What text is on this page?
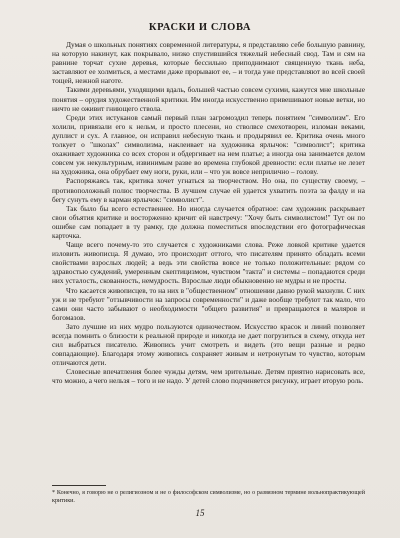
КРАСКИ И СЛОВА

Думая о школьных понятиях современной литературы, я представляю себе большую равнину, на которую накинут, как покрывало, низко спустившийся тяжелый небесный свод. Там и сям на равнине торчат сухие деревья, которые бессильно приподнимают священную ткань неба, заставляют ее холмиться, а местами даже прорывают ее, – и тогда уже представляют во всей своей тощей, нежной наготе.

Такими деревьями, уходящими вдаль, большей частью совсем сухими, кажутся мне школьные понятия – орудия художественной критики. Им иногда искусственно привешивают новые ветки, но ничто не оживит гниющего ствола.

Среди этих истуканов самый первый план загромоздил теперь понятием "символизм". Его холили, привязали его к нельм, и просто плесени, но стволвсе смехотворен, изломан веками, дуплист и сух. А главное, он исправил небесную ткань и продырявил ее. Критика очень много толкует о "школах" символизма, наклеивает на художника ярлычок: "символист"; критика охаживает художника со всех сторон и обдергивает на нем платье; а иногда она занимается делом совсем уж некультурным, извинимым разве во времена глубокой древности: если платье не лезет на художника, она обрубает ему ноги, руки, или – что уж вовсе неприлично – голову.

Распоряжаясь так, критика хочет угнаться за творчеством. Но она, по существу своему, – противоположный полюс творчества. В лучшем случае ей удается ухватить поэта за фалду и на бегу сунуть ему в карман ярлычок: "символист".

Так было бы всего естественнее. Но иногда случается обратное: сам художник раскрывает свои объятия критике и восторженно кричит ей навстречу: "Хочу быть символистом!" Тут он по ошибке сам попадает в ту рамку, где должна поместиться впоследствии его фотографическая карточка.

Чаще всего почему-то это случается с художниками слова. Реже ловкой критике удается изловить живописца. Я думаю, это происходит оттого, что писателям принято обладать всеми свойствами взрослых людей; а ведь эти свойства вовсе не только положительные: рядом со здравостью суждений, умеренным скептицизмом, чувством "такта" и системы – попадаются среди них усталость, скованность, немудрость. Взрослые люди обыкновенно не мудры и не просты.

Что касается живописцев, то на них в "общественном" отношении давно рукой махнули. С них уж и не требуют "отзывчивости на запросы современности" и даже вообще требуют так мало, что сами они часто забывают о необходимости "общего развития" и превращаются в маляров и богомазов.

Зато лучшие из них мудро пользуются одиночеством. Искусство красок и линий позволяет всегда помнить о близости к реальной природе и никогда не дает погрузиться в схему, откуда нет сил выбраться писателю. Живопись учит смотреть и видеть (это вещи разные и редко совпадающие). Благодаря этому живопись сохраняет живым и нетронутым то чувство, которым отличаются дети.

Словесные впечатления более чужды детям, чем зрительные. Детям приятно нарисовать все, что можно, а чего нельзя – того и не надо. У детей слово подчиняется рисунку, играет вторую роль.

* Конечно, я говорю не о религиозном и не о философском символизме, но о развязном термине вольнопрактикующей критики.

15
